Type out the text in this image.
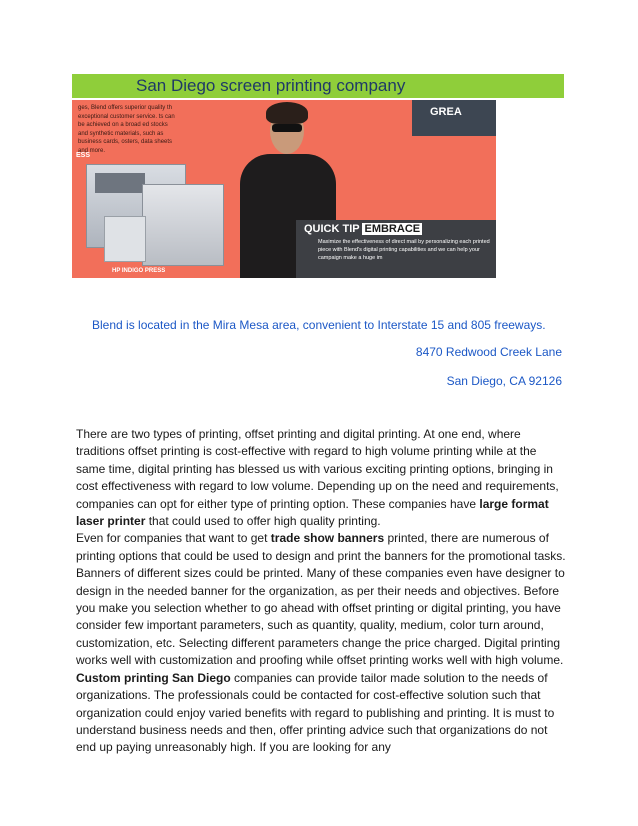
San Diego screen printing company
ges, Blend offers superior quality th exceptional customer service. ts can be achieved on a broad ed stocks and synthetic materials, such as business cards, osters, data sheets and more.
ESS
HP INDIGO PRESS
GREA
QUICK TIP EMBRACE
Maximize the effectiveness of direct mail by personalizing each printed piece with Blend's digital printing capabilities and we can help your campaign make a huge im
Blend is located in the Mira Mesa area, convenient to Interstate 15 and 805 freeways.
8470 Redwood Creek Lane
San Diego, CA 92126

There are two types of printing, offset printing and digital printing. At one end, where traditions offset printing is cost-effective with regard to high volume printing while at the same time, digital printing has blessed us with various exciting printing options, bringing in cost effectiveness with regard to low volume. Depending up on the need and requirements, companies can opt for either type of printing option. These companies have large format laser printer that could used to offer high quality printing.

Even for companies that want to get trade show banners printed, there are numerous of printing options that could be used to design and print the banners for the promotional tasks. Banners of different sizes could be printed. Many of these companies even have designer to design in the needed banner for the organization, as per their needs and objectives. Before you make you selection whether to go ahead with offset printing or digital printing, you have consider few important parameters, such as quantity, quality, medium, color turn around, customization, etc. Selecting different parameters change the price charged. Digital printing works well with customization and proofing while offset printing works well with high volume.

Custom printing San Diego companies can provide tailor made solution to the needs of organizations. The professionals could be contacted for cost-effective solution such that organization could enjoy varied benefits with regard to publishing and printing. It is must to understand business needs and then, offer printing advice such that organizations do not end up paying unreasonably high. If you are looking for any
